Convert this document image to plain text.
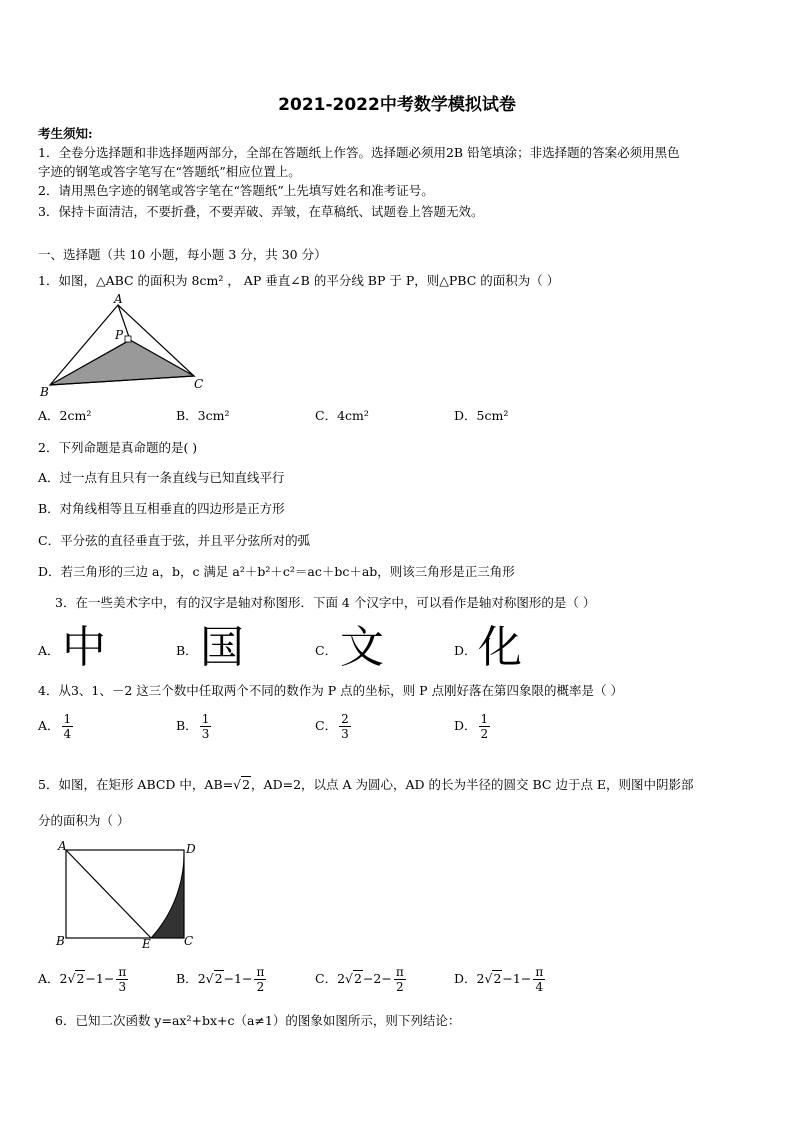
2021-2022中考数学模拟试卷
考生须知:
1．全卷分选择题和非选择题两部分，全部在答题纸上作答。选择题必须用2B 铅笔填涂；非选择题的答案必须用黑色
字迹的钢笔或答字笔写在“答题纸”相应位置上。
2．请用黑色字迹的钢笔或答字笔在“答题纸”上先填写姓名和准考证号。
3．保持卡面清洁，不要折叠，不要弄破、弄皱，在草稿纸、试题卷上答题无效。
一、选择题（共 10 小题，每小题 3 分，共 30 分）
1．如图，△ABC 的面积为 8cm² ， AP 垂直∠B 的平分线 BP 于 P，则△PBC 的面积为（ ）
A
P
B
C
A．2cm²	B．3cm²	C．4cm²	D．5cm²
2．下列命题是真命题的是( )
A．过一点有且只有一条直线与已知直线平行
B．对角线相等且互相垂直的四边形是正方形
C．平分弦的直径垂直于弦，并且平分弦所对的弧
D．若三角形的三边 a，b，c 满足 a²＋b²＋c²＝ac＋bc＋ab，则该三角形是正三角形
3．在一些美术字中，有的汉字是轴对称图形．下面 4 个汉字中，可以看作是轴对称图形的是（ ）
A． 中	B． 国	C． 文	D． 化
4．从3、1、－2 这三个数中任取两个不同的数作为 P 点的坐标，则 P 点刚好落在第四象限的概率是（ ）
A． $\frac{1}{4}$	B． $\frac{1}{3}$	C． $\frac{2}{3}$	D． $\frac{1}{2}$
5．如图，在矩形 ABCD 中，AB=√2，AD=2，以点 A 为圆心，AD 的长为半径的圆交 BC 边于点 E，则图中阴影部
分的面积为（ ）
A	D
B	E	C
A．$2√2-1- \frac{\pi}{3}$	B．$2√2-1- \frac{\pi}{2}$	C．$2√2-2- \frac{\pi}{2}$	D．$2√2-1- \frac{\pi}{4}$
6．已知二次函数 y=ax²+bx+c（a≠1）的图象如图所示，则下列结论：
